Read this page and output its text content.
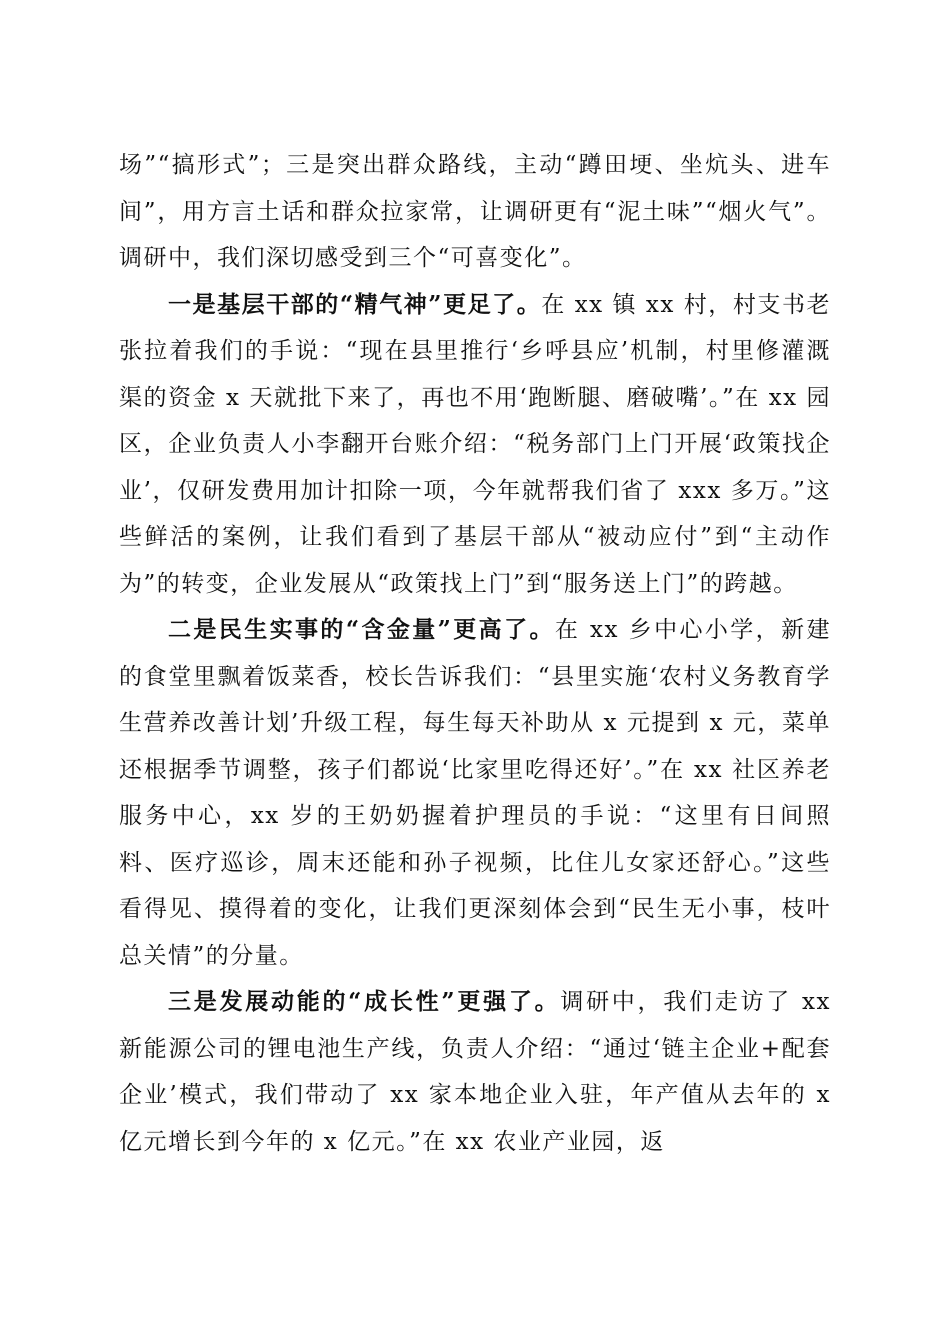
场”“搞形式”；三是突出群众路线，主动“蹲田埂、坐炕头、进车间”，用方言土话和群众拉家常，让调研更有“泥土味”“烟火气”。调研中，我们深切感受到三个“可喜变化”。

一是基层干部的“精气神”更足了。在 xx 镇 xx 村，村支书老张拉着我们的手说：“现在县里推行‘乡呼县应’机制，村里修灌溉渠的资金 x 天就批下来了，再也不用‘跑断腿、磨破嘴’。”在 xx 园区，企业负责人小李翻开台账介绍：“税务部门上门开展‘政策找企业’，仅研发费用加计扣除一项，今年就帮我们省了 xxx 多万。”这些鲜活的案例，让我们看到了基层干部从“被动应付”到“主动作为”的转变，企业发展从“政策找上门”到“服务送上门”的跨越。

二是民生实事的“含金量”更高了。在 xx 乡中心小学，新建的食堂里飘着饭菜香，校长告诉我们：“县里实施‘农村义务教育学生营养改善计划’升级工程，每生每天补助从 x 元提到 x 元，菜单还根据季节调整，孩子们都说‘比家里吃得还好’。”在 xx 社区养老服务中心，xx 岁的王奶奶握着护理员的手说：“这里有日间照料、医疗巡诊，周末还能和孙子视频，比住儿女家还舒心。”这些看得见、摸得着的变化，让我们更深刻体会到“民生无小事，枝叶总关情”的分量。

三是发展动能的“成长性”更强了。调研中，我们走访了 xx 新能源公司的锂电池生产线，负责人介绍：“通过‘链主企业+配套企业’模式，我们带动了 xx 家本地企业入驻，年产值从去年的 x 亿元增长到今年的 x 亿元。”在 xx 农业产业园，返
